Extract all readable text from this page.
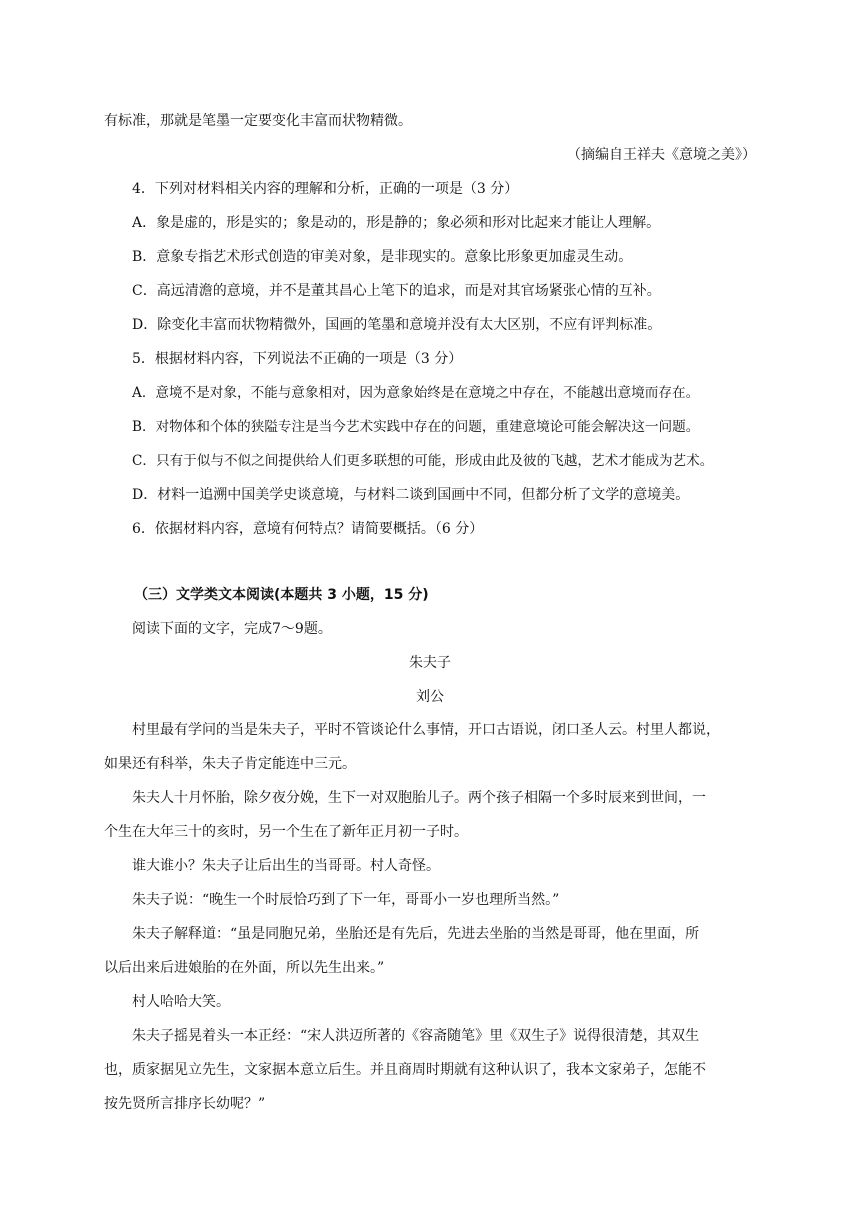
有标准，那就是笔墨一定要变化丰富而状物精微。
（摘编自王祥夫《意境之美》）
4．下列对材料相关内容的理解和分析，正确的一项是（3 分）
A．象是虚的，形是实的；象是动的，形是静的；象必须和形对比起来才能让人理解。
B．意象专指艺术形式创造的审美对象，是非现实的。意象比形象更加虚灵生动。
C．高远清澹的意境，并不是董其昌心上笔下的追求，而是对其官场紧张心情的互补。
D．除变化丰富而状物精微外，国画的笔墨和意境并没有太大区别，不应有评判标准。
5．根据材料内容，下列说法不正确的一项是（3 分）
A．意境不是对象，不能与意象相对，因为意象始终是在意境之中存在，不能越出意境而存在。
B．对物体和个体的狭隘专注是当今艺术实践中存在的问题，重建意境论可能会解决这一问题。
C．只有于似与不似之间提供给人们更多联想的可能，形成由此及彼的飞越，艺术才能成为艺术。
D．材料一追溯中国美学史谈意境，与材料二谈到国画中不同，但都分析了文学的意境美。
6．依据材料内容，意境有何特点？请简要概括。（6 分）
（三）文学类文本阅读(本题共 3 小题，15 分)
阅读下面的文字，完成7～9题。
朱夫子
刘公
村里最有学问的当是朱夫子，平时不管谈论什么事情，开口古语说，闭口圣人云。村里人都说，
如果还有科举，朱夫子肯定能连中三元。
朱夫人十月怀胎，除夕夜分娩，生下一对双胞胎儿子。两个孩子相隔一个多时辰来到世间，一
个生在大年三十的亥时，另一个生在了新年正月初一子时。
谁大谁小？朱夫子让后出生的当哥哥。村人奇怪。
朱夫子说：“晚生一个时辰恰巧到了下一年，哥哥小一岁也理所当然。”
朱夫子解释道：“虽是同胞兄弟，坐胎还是有先后，先进去坐胎的当然是哥哥，他在里面，所
以后出来后进娘胎的在外面，所以先生出来。”
村人哈哈大笑。
朱夫子摇晃着头一本正经：“宋人洪迈所著的《容斋随笔》里《双生子》说得很清楚，其双生
也，质家据见立先生，文家据本意立后生。并且商周时期就有这种认识了，我本文家弟子，怎能不
按先贤所言排序长幼呢？”
